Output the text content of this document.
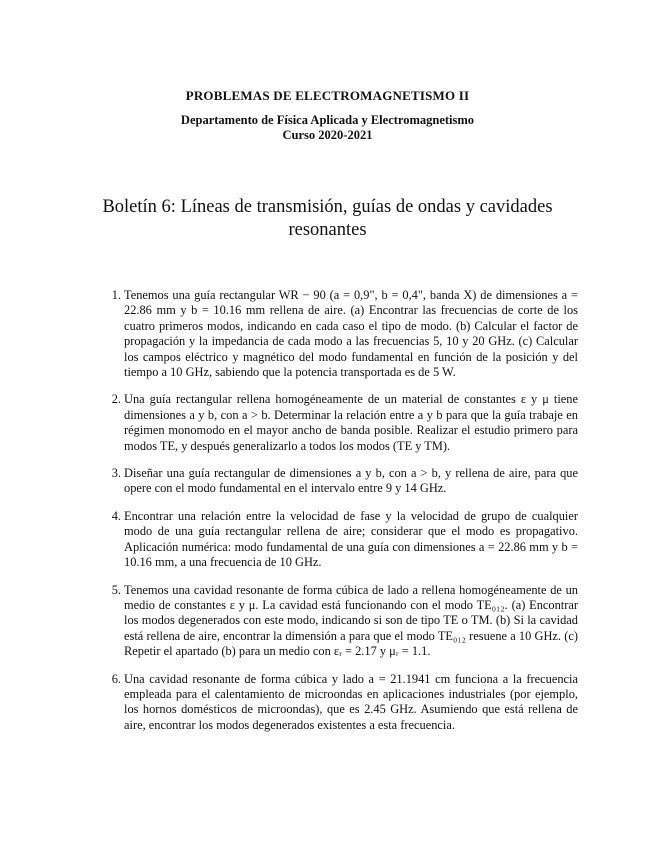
PROBLEMAS DE ELECTROMAGNETISMO II
Departamento de Física Aplicada y Electromagnetismo
Curso 2020-2021
Boletín 6: Líneas de transmisión, guías de ondas y cavidades resonantes
1. Tenemos una guía rectangular WR − 90 (a = 0,9", b = 0,4", banda X) de dimensiones a = 22.86 mm y b = 10.16 mm rellena de aire. (a) Encontrar las frecuencias de corte de los cuatro primeros modos, indicando en cada caso el tipo de modo. (b) Calcular el factor de propagación y la impedancia de cada modo a las frecuencias 5, 10 y 20 GHz. (c) Calcular los campos eléctrico y magnético del modo fundamental en función de la posición y del tiempo a 10 GHz, sabiendo que la potencia transportada es de 5 W.
2. Una guía rectangular rellena homogéneamente de un material de constantes ε y μ tiene dimensiones a y b, con a > b. Determinar la relación entre a y b para que la guía trabaje en régimen monomodo en el mayor ancho de banda posible. Realizar el estudio primero para modos TE, y después generalizarlo a todos los modos (TE y TM).
3. Diseñar una guía rectangular de dimensiones a y b, con a > b, y rellena de aire, para que opere con el modo fundamental en el intervalo entre 9 y 14 GHz.
4. Encontrar una relación entre la velocidad de fase y la velocidad de grupo de cualquier modo de una guía rectangular rellena de aire; considerar que el modo es propagativo. Aplicación numérica: modo fundamental de una guía con dimensiones a = 22.86 mm y b = 10.16 mm, a una frecuencia de 10 GHz.
5. Tenemos una cavidad resonante de forma cúbica de lado a rellena homogéneamente de un medio de constantes ε y μ. La cavidad está funcionando con el modo TE₀₁₂. (a) Encontrar los modos degenerados con este modo, indicando si son de tipo TE o TM. (b) Si la cavidad está rellena de aire, encontrar la dimensión a para que el modo TE₀₁₂ resuene a 10 GHz. (c) Repetir el apartado (b) para un medio con εᵣ = 2.17 y μᵣ = 1.1.
6. Una cavidad resonante de forma cúbica y lado a = 21.1941 cm funciona a la frecuencia empleada para el calentamiento de microondas en aplicaciones industriales (por ejemplo, los hornos domésticos de microondas), que es 2.45 GHz. Asumiendo que está rellena de aire, encontrar los modos degenerados existentes a esta frecuencia.
